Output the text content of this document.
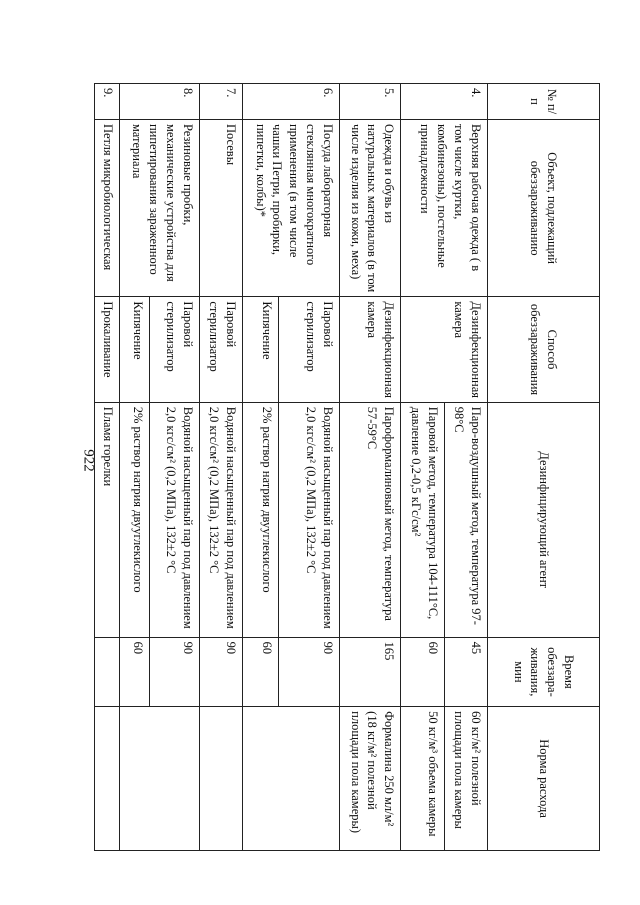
922
№ п/п	Объект, подлежащий обеззараживанию	Способ обеззараживания	Дезинфицирующий агент	Время обеззара-живания, мин	Норма расхода
4.	Верхняя рабочая одежда ( в том числе куртки, комбинезоны), постельные принадлежности	Дезинфекционная камера	Паро-воздушный метод, температура 97-98°С	45	60 кг/м² полезной площади пола камеры
			Паровой метод, температура 104-111°С, давление 0,2-0,5 кГс/см²	60	50 кг/м³ объема камеры
5.	Одежда и обувь из натуральных материалов (в том числе изделия из кожи, меха)	Дезинфекционная камера	Пароформалиновый метод, температура 57-59°С	165	Формалина 250 мл/м² (18 кг/м² полезной площади пола камеры)
6.	Посуда лабораторная стеклянная многократного применения (в том числе чашки Петри, пробирки, пипетки, колбы)*	Паровой стерилизатор	Водяной насыщенный пар под давлением 2,0 кгс/см² (0,2 МПа), 132±2 °С	90	
		Кипячение	2% раствор натрия двууглекислого	60	
7.	Посевы	Паровой стерилизатор	Водяной насыщенный пар под давлением 2,0 кгс/см² (0,2 МПа), 132±2 °С	90	
8.	Резиновые пробки, механические устройства для пипетирования зараженного материала	Паровой стерилизатор	Водяной насыщенный пар под давлением 2,0 кгс/см² (0,2 МПа), 132±2 °С	90	
		Кипячение	2% раствор натрия двууглекислого	60	
9.	Петля микробиологическая	Прокаливание	Пламя горелки		
